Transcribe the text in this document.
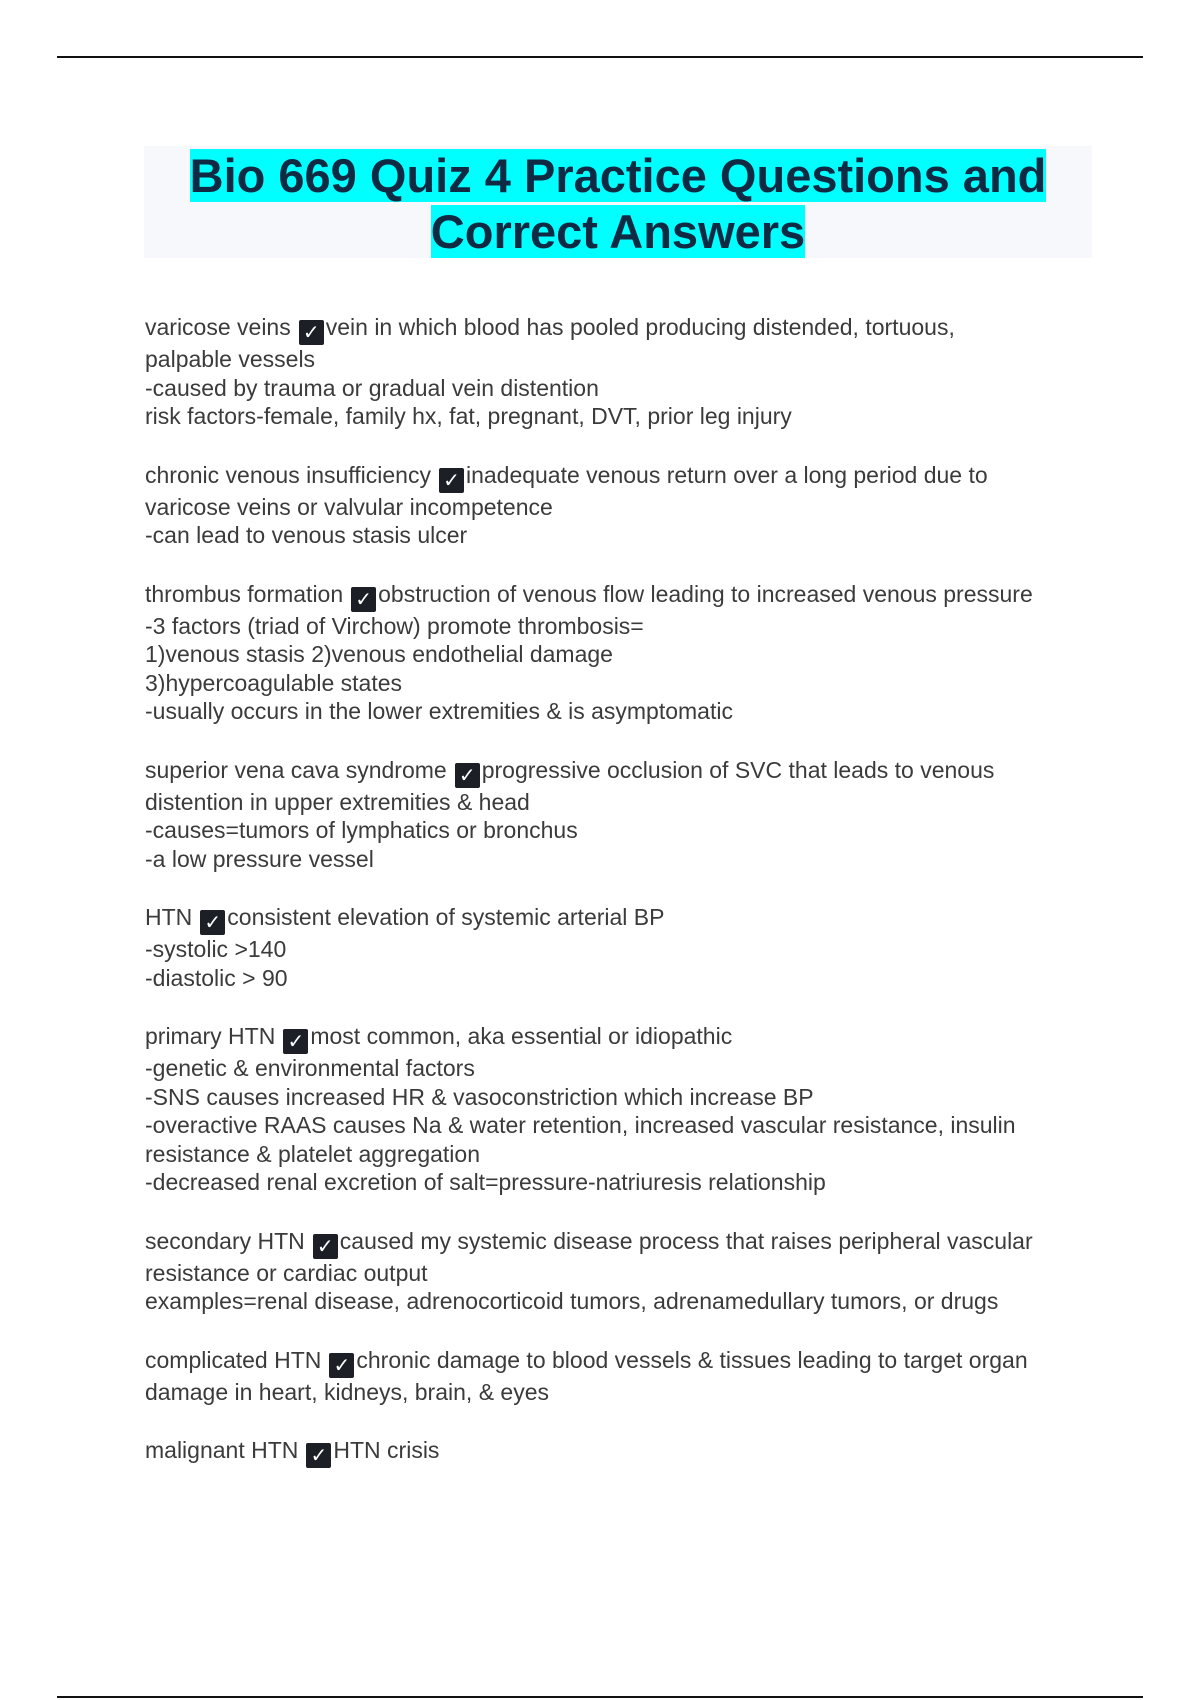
Bio 669 Quiz 4 Practice Questions and
Correct Answers
varicose veins ✓ vein in which blood has pooled producing distended, tortuous,
palpable vessels
-caused by trauma or gradual vein distention
risk factors-female, family hx, fat, pregnant, DVT, prior leg injury
chronic venous insufficiency ✓ inadequate venous return over a long period due to
varicose veins or valvular incompetence
-can lead to venous stasis ulcer
thrombus formation ✓ obstruction of venous flow leading to increased venous pressure
-3 factors (triad of Virchow) promote thrombosis=
1)venous stasis 2)venous endothelial damage
3)hypercoagulable states
-usually occurs in the lower extremities & is asymptomatic
superior vena cava syndrome ✓ progressive occlusion of SVC that leads to venous
distention in upper extremities & head
-causes=tumors of lymphatics or bronchus
-a low pressure vessel
HTN ✓ consistent elevation of systemic arterial BP
-systolic >140
-diastolic > 90
primary HTN ✓ most common, aka essential or idiopathic
-genetic & environmental factors
-SNS causes increased HR & vasoconstriction which increase BP
-overactive RAAS causes Na & water retention, increased vascular resistance, insulin
resistance & platelet aggregation
-decreased renal excretion of salt=pressure-natriuresis relationship
secondary HTN ✓ caused my systemic disease process that raises peripheral vascular
resistance or cardiac output
examples=renal disease, adrenocorticoid tumors, adrenamedullary tumors, or drugs
complicated HTN ✓ chronic damage to blood vessels & tissues leading to target organ
damage in heart, kidneys, brain, & eyes
malignant HTN ✓ HTN crisis
